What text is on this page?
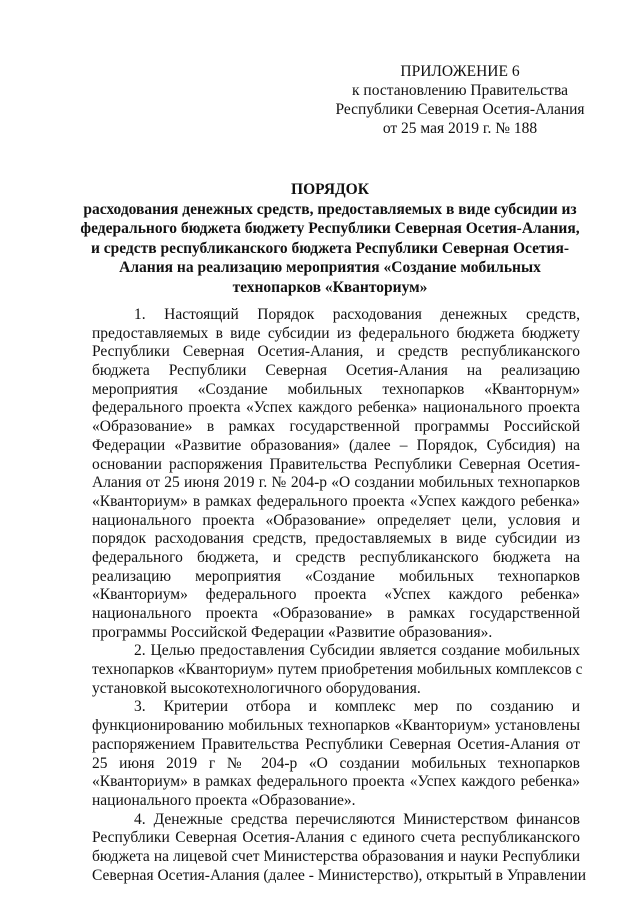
ПРИЛОЖЕНИЕ 6
к постановлению Правительства
Республики Северная Осетия-Алания
от 25 мая 2019 г. № 188
ПОРЯДОК
расходования денежных средств, предоставляемых в виде субсидии из
федерального бюджета бюджету Республики Северная Осетия-Алания,
и средств республиканского бюджета Республики Северная Осетия-
Алания на реализацию мероприятия «Создание мобильных
технопарков «Кванториум»
1. Настоящий Порядок расходования денежных средств,
предоставляемых в виде субсидии из федерального бюджета бюджету
Республики Северная Осетия-Алания, и средств республиканского
бюджета Республики Северная Осетия-Алания на реализацию
мероприятия «Создание мобильных технопарков «Кванторнум»
федерального проекта «Успех каждого ребенка» национального проекта
«Образование» в рамках государственной программы Российской
Федерации «Развитие образования» (далее – Порядок, Субсидия) на
основании распоряжения Правительства Республики Северная Осетия-
Алания от 25 июня 2019 г. № 204-р «О создании мобильных технопарков
«Кванториум» в рамках федерального проекта «Успех каждого ребенка»
национального проекта «Образование» определяет цели, условия и
порядок расходования средств, предоставляемых в виде субсидии из
федерального бюджета, и средств республиканского бюджета на
реализацию мероприятия «Создание мобильных технопарков
«Кванториум» федерального проекта «Успех каждого ребенка»
национального проекта «Образование» в рамках государственной
программы Российской Федерации «Развитие образования».
2. Целью предоставления Субсидии является создание мобильных
технопарков «Кванториум» путем приобретения мобильных комплексов с
установкой высокотехнологичного оборудования.
3. Критерии отбора и комплекс мер по созданию и
функционированию мобильных технопарков «Кванториум» установлены
распоряжением Правительства Республики Северная Осетия-Алания от
25 июня 2019 г № 204-р «О создании мобильных технопарков
«Кванториум» в рамках федерального проекта «Успех каждого ребенка»
национального проекта «Образование».
4. Денежные средства перечисляются Министерством финансов
Республики Северная Осетия-Алания с единого счета республиканского
бюджета на лицевой счет Министерства образования и науки Республики
Северная Осетия-Алания (далее - Министерство), открытый в Управлении
